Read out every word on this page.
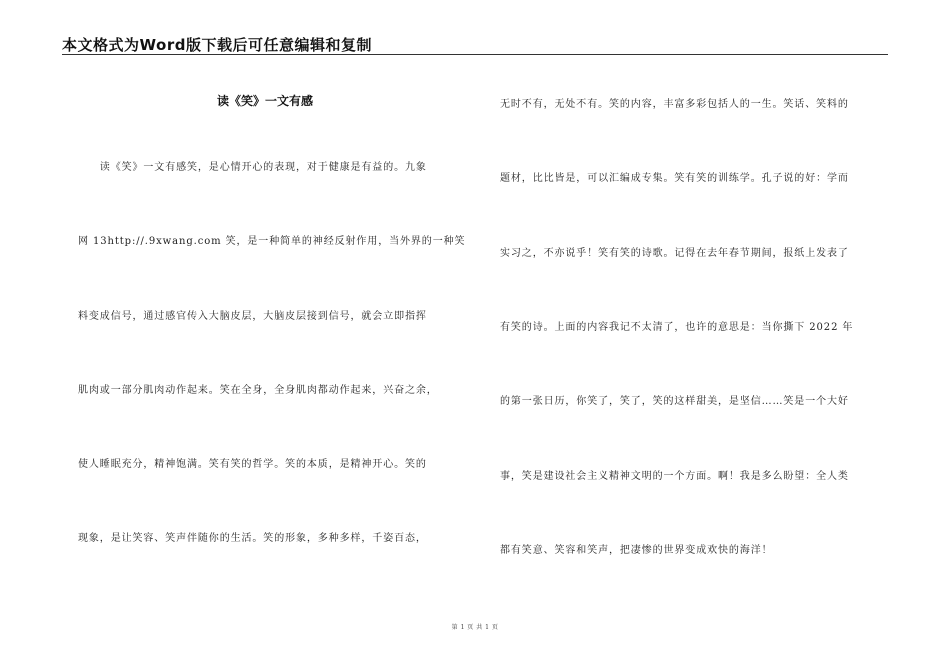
本文格式为Word版下载后可任意编辑和复制
读《笑》一文有感
　　读《笑》一文有感笑，是心情开心的表现，对于健康是有益的。九象
网 13http://.9xwang.com 笑，是一种简单的神经反射作用，当外界的一种笑
料变成信号，通过感官传入大脑皮层，大脑皮层接到信号，就会立即指挥
肌肉或一部分肌肉动作起来。笑在全身，全身肌肉都动作起来，兴奋之余，
使人睡眠充分，精神饱满。笑有笑的哲学。笑的本质，是精神开心。笑的
现象，是让笑容、笑声伴随你的生活。笑的形象，多种多样，千姿百态，
无时不有，无处不有。笑的内容，丰富多彩包括人的一生。笑话、笑料的
题材，比比皆是，可以汇编成专集。笑有笑的训练学。孔子说的好：学而
实习之，不亦说乎！笑有笑的诗歌。记得在去年春节期间，报纸上发表了
有笑的诗。上面的内容我记不太清了，也许的意思是：当你撕下 2022 年
的第一张日历，你笑了，笑了，笑的这样甜美，是坚信……笑是一个大好
事，笑是建设社会主义精神文明的一个方面。啊！我是多么盼望：全人类
都有笑意、笑容和笑声，把凄惨的世界变成欢快的海洋！
第 1 页 共 1 页
